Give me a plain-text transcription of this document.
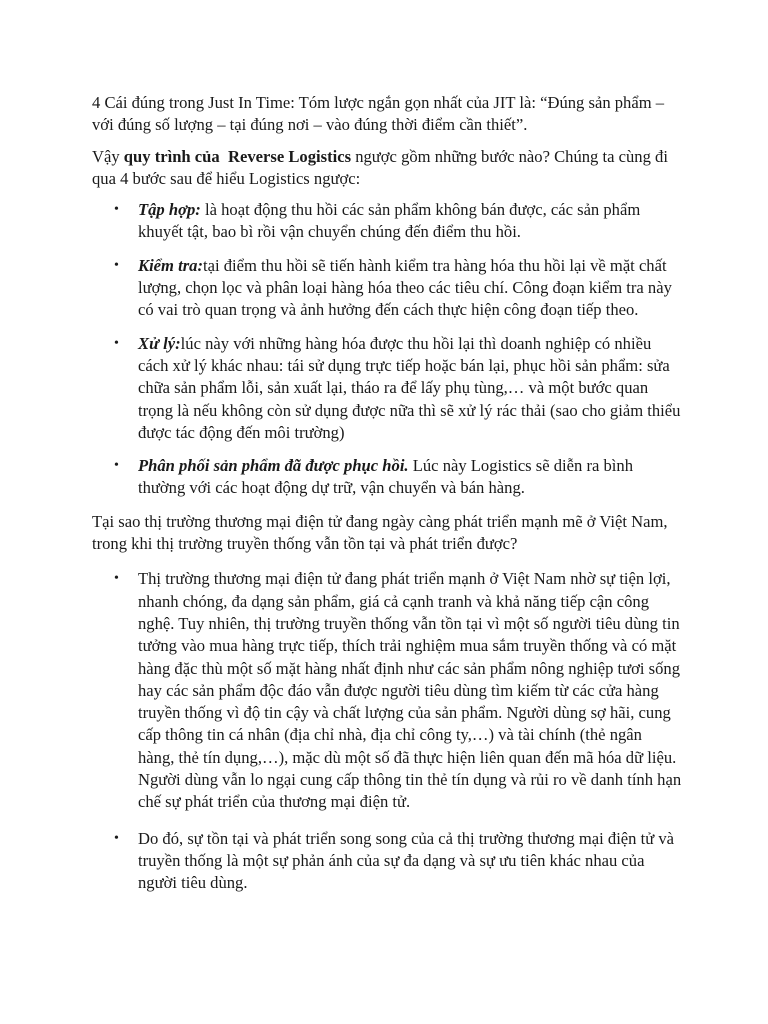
4 Cái đúng trong Just In Time: Tóm lược ngắn gọn nhất của JIT là: “Đúng sản phẩm – với đúng số lượng – tại đúng nơi – vào đúng thời điểm cần thiết”.

Vậy quy trình của Reverse Logistics ngược gồm những bước nào? Chúng ta cùng đi qua 4 bước sau để hiểu Logistics ngược:

• Tập hợp: là hoạt động thu hồi các sản phẩm không bán được, các sản phẩm khuyết tật, bao bì rồi vận chuyển chúng đến điểm thu hồi.
• Kiểm tra:tại điểm thu hồi sẽ tiến hành kiểm tra hàng hóa thu hồi lại về mặt chất lượng, chọn lọc và phân loại hàng hóa theo các tiêu chí. Công đoạn kiểm tra này có vai trò quan trọng và ảnh hưởng đến cách thực hiện công đoạn tiếp theo.
• Xử lý:lúc này với những hàng hóa được thu hồi lại thì doanh nghiệp có nhiều cách xử lý khác nhau: tái sử dụng trực tiếp hoặc bán lại, phục hồi sản phẩm: sửa chữa sản phẩm lỗi, sản xuất lại, tháo ra để lấy phụ tùng,… và một bước quan trọng là nếu không còn sử dụng được nữa thì sẽ xử lý rác thải (sao cho giảm thiểu được tác động đến môi trường)
• Phân phối sản phẩm đã được phục hồi. Lúc này Logistics sẽ diễn ra bình thường với các hoạt động dự trữ, vận chuyển và bán hàng.

Tại sao thị trường thương mại điện tử đang ngày càng phát triển mạnh mẽ ở Việt Nam, trong khi thị trường truyền thống vẫn tồn tại và phát triển được?

• Thị trường thương mại điện tử đang phát triển mạnh ở Việt Nam nhờ sự tiện lợi, nhanh chóng, đa dạng sản phẩm, giá cả cạnh tranh và khả năng tiếp cận công nghệ. Tuy nhiên, thị trường truyền thống vẫn tồn tại vì một số người tiêu dùng tin tưởng vào mua hàng trực tiếp, thích trải nghiệm mua sắm truyền thống và có mặt hàng đặc thù một số mặt hàng nhất định như các sản phẩm nông nghiệp tươi sống hay các sản phẩm độc đáo vẫn được người tiêu dùng tìm kiếm từ các cửa hàng truyền thống vì độ tin cậy và chất lượng của sản phẩm. Người dùng sợ hãi, cung cấp thông tin cá nhân (địa chỉ nhà, địa chỉ công ty,…) và tài chính (thẻ ngân hàng, thẻ tín dụng,…), mặc dù một số đã thực hiện liên quan đến mã hóa dữ liệu. Người dùng vẫn lo ngại cung cấp thông tin thẻ tín dụng và rủi ro về danh tính hạn chế sự phát triển của thương mại điện tử.
• Do đó, sự tồn tại và phát triển song song của cả thị trường thương mại điện tử và truyền thống là một sự phản ánh của sự đa dạng và sự ưu tiên khác nhau của người tiêu dùng.
